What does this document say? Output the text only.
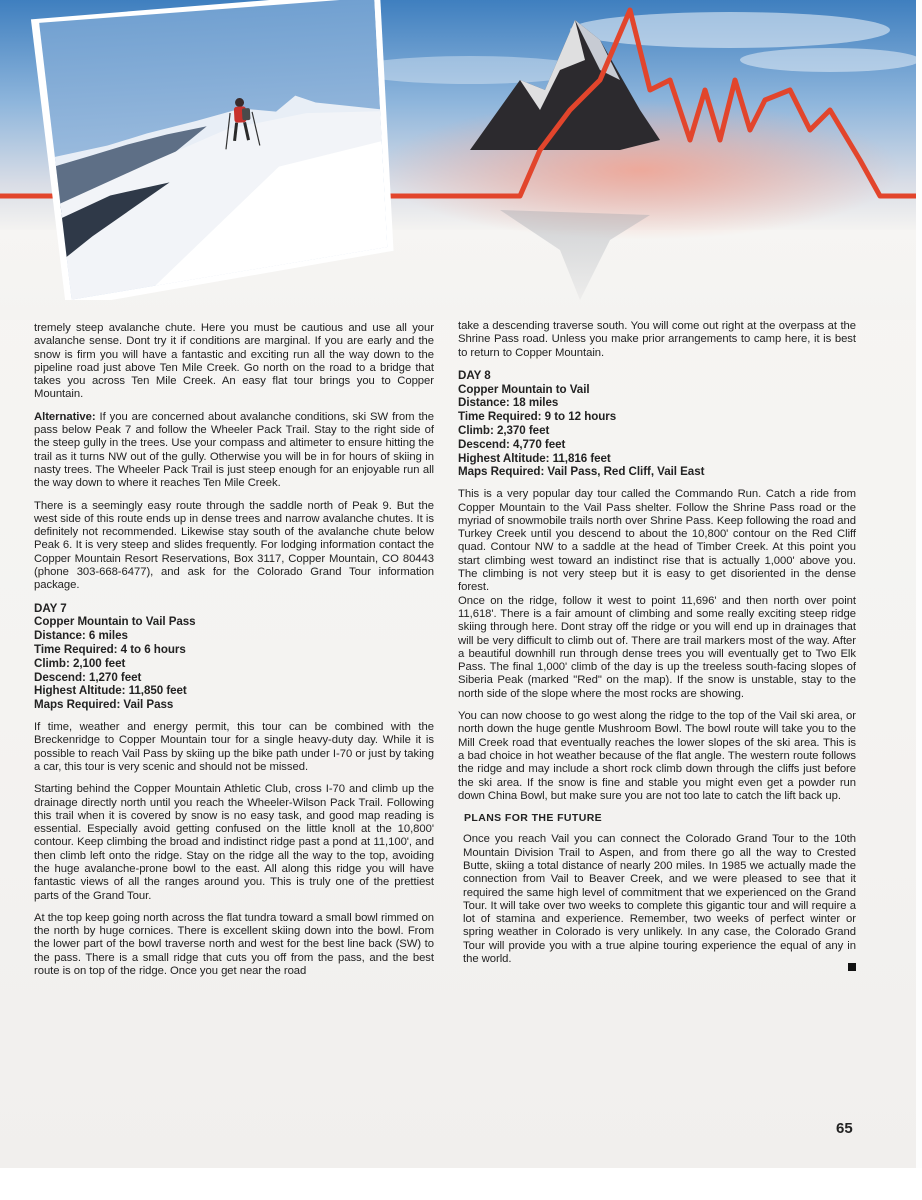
tremely steep avalanche chute. Here you must be cautious and use all your avalanche sense. Dont try it if conditions are marginal. If you are early and the snow is firm you will have a fantastic and exciting run all the way down to the pipeline road just above Ten Mile Creek. Go north on the road to a bridge that takes you across Ten Mile Creek. An easy flat tour brings you to Copper Mountain.

Alternative: If you are concerned about avalanche conditions, ski SW from the pass below Peak 7 and follow the Wheeler Pack Trail. Stay to the right side of the steep gully in the trees. Use your compass and altimeter to ensure hitting the trail as it turns NW out of the gully. Otherwise you will be in for hours of skiing in nasty trees. The Wheeler Pack Trail is just steep enough for an enjoyable run all the way down to where it reaches Ten Mile Creek.

There is a seemingly easy route through the saddle north of Peak 9. But the west side of this route ends up in dense trees and narrow avalanche chutes. It is definitely not recommended. Likewise stay south of the avalanche chute below Peak 6. It is very steep and slides frequently. For lodging information contact the Copper Mountain Resort Reservations, Box 3117, Copper Mountain, CO 80443 (phone 303-668-6477), and ask for the Colorado Grand Tour information package.

DAY 7
Copper Mountain to Vail Pass
Distance: 6 miles
Time Required: 4 to 6 hours
Climb: 2,100 feet
Descend: 1,270 feet
Highest Altitude: 11,850 feet
Maps Required: Vail Pass

If time, weather and energy permit, this tour can be combined with the Breckenridge to Copper Mountain tour for a single heavy-duty day. While it is possible to reach Vail Pass by skiing up the bike path under I-70 or just by taking a car, this tour is very scenic and should not be missed.

Starting behind the Copper Mountain Athletic Club, cross I-70 and climb up the drainage directly north until you reach the Wheeler-Wilson Pack Trail. Following this trail when it is covered by snow is no easy task, and good map reading is essential. Especially avoid getting confused on the little knoll at the 10,800' contour. Keep climbing the broad and indistinct ridge past a pond at 11,100', and then climb left onto the ridge. Stay on the ridge all the way to the top, avoiding the huge avalanche-prone bowl to the east. All along this ridge you will have fantastic views of all the ranges around you. This is truly one of the prettiest parts of the Grand Tour.

At the top keep going north across the flat tundra toward a small bowl rimmed on the north by huge cornices. There is excellent skiing down into the bowl. From the lower part of the bowl traverse north and west for the best line back (SW) to the pass. There is a small ridge that cuts you off from the pass, and the best route is on top of the ridge. Once you get near the road

take a descending traverse south. You will come out right at the overpass at the Shrine Pass road. Unless you make prior arrangements to camp here, it is best to return to Copper Mountain.

DAY 8
Copper Mountain to Vail
Distance: 18 miles
Time Required: 9 to 12 hours
Climb: 2,370 feet
Descend: 4,770 feet
Highest Altitude: 11,816 feet
Maps Required: Vail Pass, Red Cliff, Vail East

This is a very popular day tour called the Commando Run. Catch a ride from Copper Mountain to the Vail Pass shelter. Follow the Shrine Pass road or the myriad of snowmobile trails north over Shrine Pass. Keep following the road and Turkey Creek until you descend to about the 10,800' contour on the Red Cliff quad. Contour NW to a saddle at the head of Timber Creek. At this point you start climbing west toward an indistinct rise that is actually 1,000' above you. The climbing is not very steep but it is easy to get disoriented in the dense forest.

Once on the ridge, follow it west to point 11,696' and then north over point 11,618'. There is a fair amount of climbing and some really exciting steep ridge skiing through here. Dont stray off the ridge or you will end up in drainages that will be very difficult to climb out of. There are trail markers most of the way. After a beautiful downhill run through dense trees you will eventually get to Two Elk Pass. The final 1,000' climb of the day is up the treeless south-facing slopes of Siberia Peak (marked "Red" on the map). If the snow is unstable, stay to the north side of the slope where the most rocks are showing.

You can now choose to go west along the ridge to the top of the Vail ski area, or north down the huge gentle Mushroom Bowl. The bowl route will take you to the Mill Creek road that eventually reaches the lower slopes of the ski area. This is a bad choice in hot weather because of the flat angle. The western route follows the ridge and may include a short rock climb down through the cliffs just before the ski area. If the snow is fine and stable you might even get a powder run down China Bowl, but make sure you are not too late to catch the lift back up.

PLANS FOR THE FUTURE

Once you reach Vail you can connect the Colorado Grand Tour to the 10th Mountain Division Trail to Aspen, and from there go all the way to Crested Butte, skiing a total distance of nearly 200 miles. In 1985 we actually made the connection from Vail to Beaver Creek, and we were pleased to see that it required the same high level of commitment that we experienced on the Grand Tour. It will take over two weeks to complete this gigantic tour and will require a lot of stamina and experience. Remember, two weeks of perfect winter or spring weather in Colorado is very unlikely. In any case, the Colorado Grand Tour will provide you with a true alpine touring experience the equal of any in the world.

65
